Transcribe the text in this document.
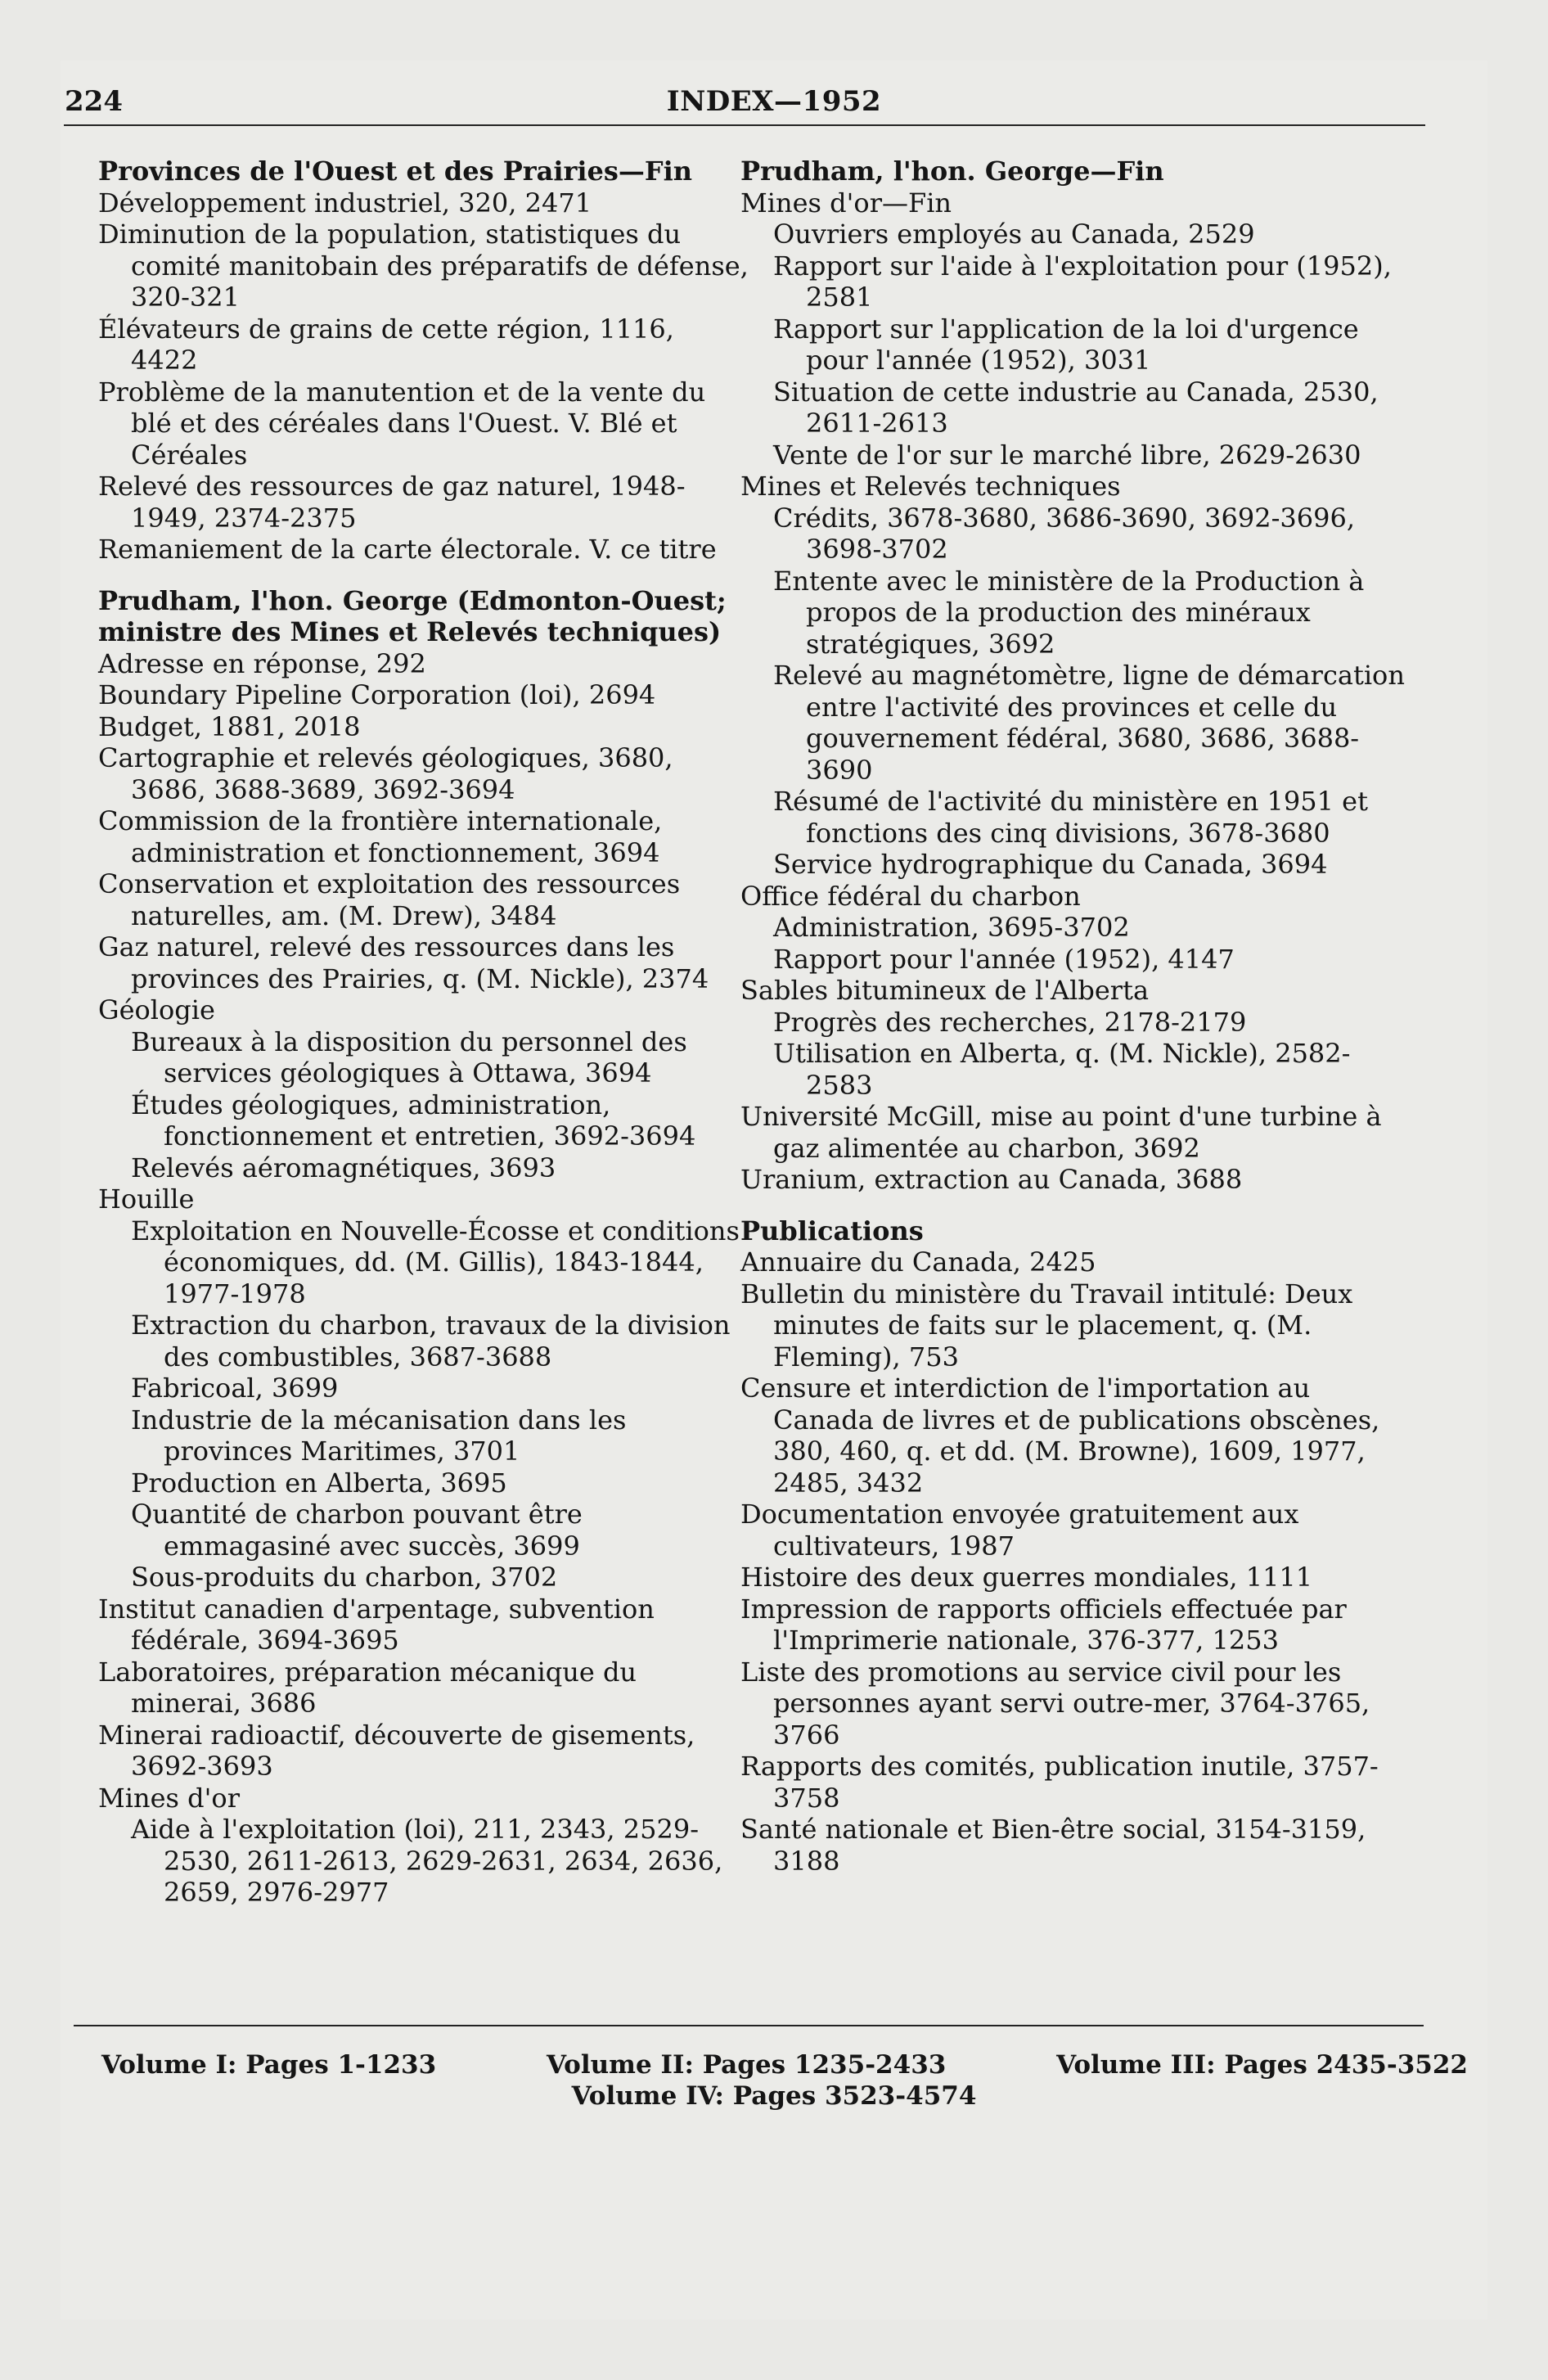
224	INDEX—1952
Provinces de l'Ouest et des Prairies—Fin
Développement industriel, 320, 2471
Diminution de la population, statistiques du comité manitobain des préparatifs de défense, 320-321
Élévateurs de grains de cette région, 1116, 4422
Problème de la manutention et de la vente du blé et des céréales dans l'Ouest. V. Blé et Céréales
Relevé des ressources de gaz naturel, 1948-1949, 2374-2375
Remaniement de la carte électorale. V. ce titre
Prudham, l'hon. George (Edmonton-Ouest; ministre des Mines et Relevés techniques)
Adresse en réponse, 292
Boundary Pipeline Corporation (loi), 2694
Budget, 1881, 2018
Cartographie et relevés géologiques, 3680, 3686, 3688-3689, 3692-3694
Commission de la frontière internationale, administration et fonctionnement, 3694
Conservation et exploitation des ressources naturelles, am. (M. Drew), 3484
Gaz naturel, relevé des ressources dans les provinces des Prairies, q. (M. Nickle), 2374
Géologie
Bureaux à la disposition du personnel des services géologiques à Ottawa, 3694
Études géologiques, administration, fonctionnement et entretien, 3692-3694
Relevés aéromagnétiques, 3693
Houille
Exploitation en Nouvelle-Écosse et conditions économiques, dd. (M. Gillis), 1843-1844, 1977-1978
Extraction du charbon, travaux de la division des combustibles, 3687-3688
Fabricoal, 3699
Industrie de la mécanisation dans les provinces Maritimes, 3701
Production en Alberta, 3695
Quantité de charbon pouvant être emmagasiné avec succès, 3699
Sous-produits du charbon, 3702
Institut canadien d'arpentage, subvention fédérale, 3694-3695
Laboratoires, préparation mécanique du minerai, 3686
Minerai radioactif, découverte de gisements, 3692-3693
Mines d'or
Aide à l'exploitation (loi), 211, 2343, 2529-2530, 2611-2613, 2629-2631, 2634, 2636, 2659, 2976-2977
Prudham, l'hon. George—Fin
Mines d'or—Fin
Ouvriers employés au Canada, 2529
Rapport sur l'aide à l'exploitation pour (1952), 2581
Rapport sur l'application de la loi d'urgence pour l'année (1952), 3031
Situation de cette industrie au Canada, 2530, 2611-2613
Vente de l'or sur le marché libre, 2629-2630
Mines et Relevés techniques
Crédits, 3678-3680, 3686-3690, 3692-3696, 3698-3702
Entente avec le ministère de la Production à propos de la production des minéraux stratégiques, 3692
Relevé au magnétomètre, ligne de démarcation entre l'activité des provinces et celle du gouvernement fédéral, 3680, 3686, 3688-3690
Résumé de l'activité du ministère en 1951 et fonctions des cinq divisions, 3678-3680
Service hydrographique du Canada, 3694
Office fédéral du charbon
Administration, 3695-3702
Rapport pour l'année (1952), 4147
Sables bitumineux de l'Alberta
Progrès des recherches, 2178-2179
Utilisation en Alberta, q. (M. Nickle), 2582-2583
Université McGill, mise au point d'une turbine à gaz alimentée au charbon, 3692
Uranium, extraction au Canada, 3688
Publications
Annuaire du Canada, 2425
Bulletin du ministère du Travail intitulé: Deux minutes de faits sur le placement, q. (M. Fleming), 753
Censure et interdiction de l'importation au Canada de livres et de publications obscènes, 380, 460, q. et dd. (M. Browne), 1609, 1977, 2485, 3432
Documentation envoyée gratuitement aux cultivateurs, 1987
Histoire des deux guerres mondiales, 1111
Impression de rapports officiels effectuée par l'Imprimerie nationale, 376-377, 1253
Liste des promotions au service civil pour les personnes ayant servi outre-mer, 3764-3765, 3766
Rapports des comités, publication inutile, 3757-3758
Santé nationale et Bien-être social, 3154-3159, 3188
Volume I: Pages 1-1233	Volume II: Pages 1235-2433	Volume III: Pages 2435-3522
Volume IV: Pages 3523-4574
